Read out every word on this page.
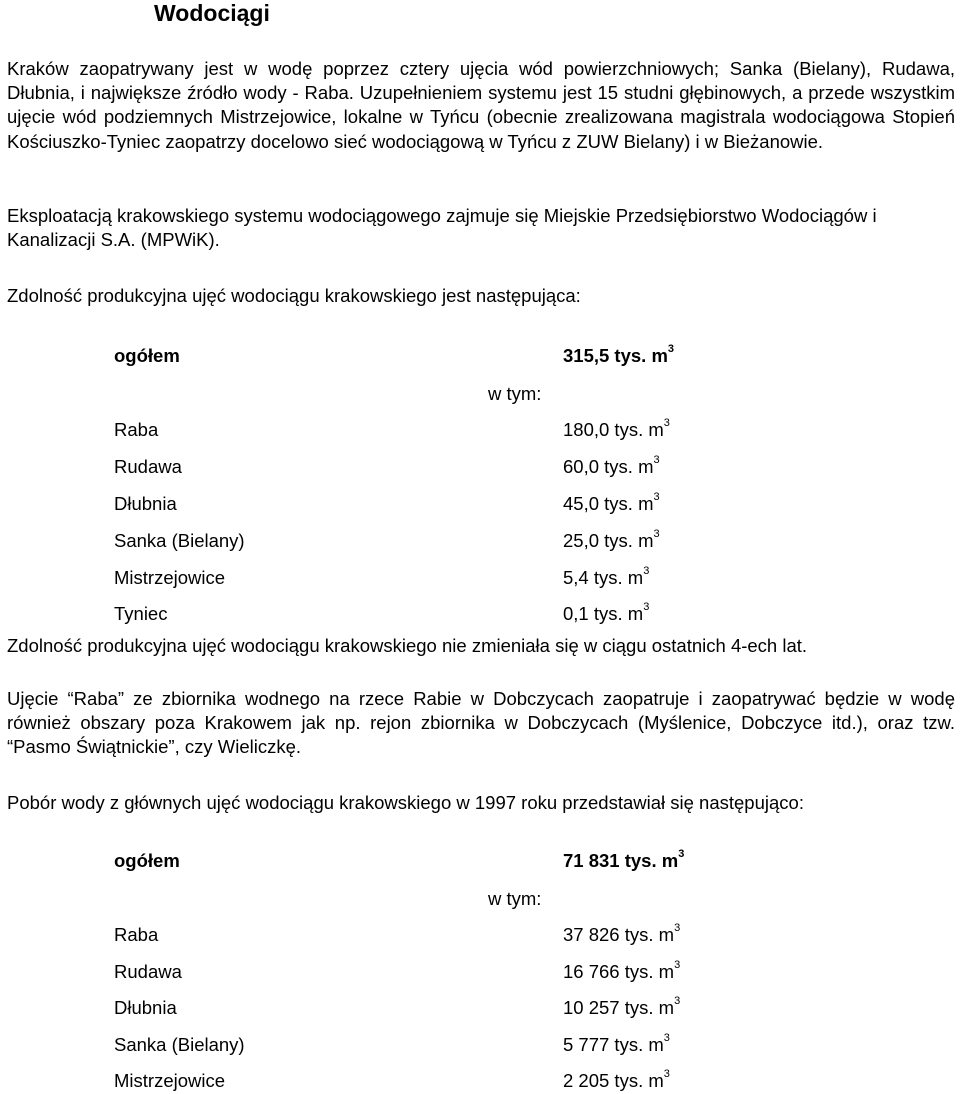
Wodociągi

Kraków zaopatrywany jest w wodę poprzez cztery ujęcia wód powierzchniowych; Sanka (Bielany), Rudawa, Dłubnia, i największe źródło wody - Raba. Uzupełnieniem systemu jest 15 studni głębinowych, a przede wszystkim ujęcie wód podziemnych Mistrzejowice, lokalne w Tyńcu (obecnie zrealizowana magistrala wodociągowa Stopień Kościuszko-Tyniec zaopatrzy docelowo sieć wodociągową w Tyńcu z ZUW Bielany) i w Bieżanowie.

Eksploatacją krakowskiego systemu wodociągowego zajmuje się Miejskie Przedsiębiorstwo Wodociągów i Kanalizacji S.A. (MPWiK).

Zdolność produkcyjna ujęć wodociągu krakowskiego jest następująca:

ogółem	315,5 tys. $m^3$
w tym:
Raba	180,0 tys. $m^3$
Rudawa	60,0 tys. $m^3$
Dłubnia	45,0 tys. $m^3$
Sanka (Bielany)	25,0 tys. $m^3$
Mistrzejowice	5,4 tys. $m^3$
Tyniec	0,1 tys. $m^3$

Zdolność produkcyjna ujęć wodociągu krakowskiego nie zmieniała się w ciągu ostatnich 4-ech lat.

Ujęcie “Raba” ze zbiornika wodnego na rzece Rabie w Dobczycach zaopatruje i zaopatrywać będzie w wodę również obszary poza Krakowem jak np. rejon zbiornika w Dobczycach (Myślenice, Dobczyce itd.), oraz tzw. “Pasmo Świątnickie”, czy Wieliczkę.

Pobór wody z głównych ujęć wodociągu krakowskiego w 1997 roku przedstawiał się następująco:

ogółem	71 831 tys. $m^3$
w tym:
Raba	37 826 tys. $m^3$
Rudawa	16 766 tys. $m^3$
Dłubnia	10 257 tys. $m^3$
Sanka (Bielany)	5 777 tys. $m^3$
Mistrzejowice	2 205 tys. $m^3$
